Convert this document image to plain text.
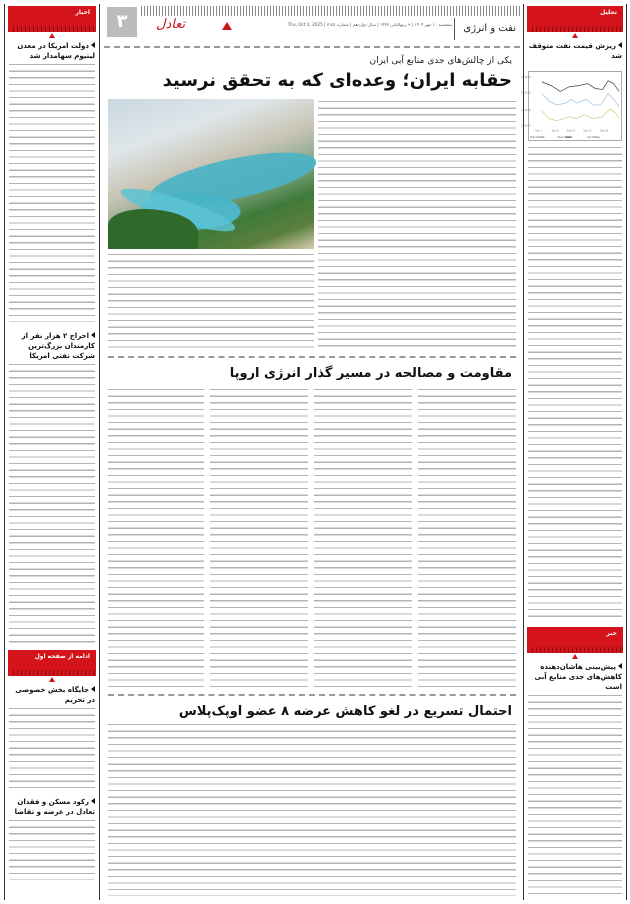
۳	تعادل	پنجشنبه ۱۰ مهر ۱۴۰۴ | ۹ ربیع‌الثانی ۱۴۴۷ | سال دوازدهم | شماره ۳۱۵۱ | Thu, Oct 2, 2025	نفت و انرژی
اخبار
دولت امریکا در معدن لیتیوم سهامدار شد
اخراج ۲ هزار نفر از کارمندان بزرگ‌ترین شرکت نفتی امریکا
ادامه از صفحه اول
جایگاه بخش خصوصی در تحریم
رکود مسکن و فقدان تعادل در عرضه و تقاضا
یکی از چالش‌های جدی منابع آبی ایران
حقابه ایران؛ وعده‌ای که به تحقق نرسید
مقاومت و مصالحه در مسیر گذار انرژی اروپا
احتمال تسریع در لغو کاهش عرضه ۸ عضو اوپک‌پلاس
تحلیل
ریزش قیمت نفت متوقف شد
270.00
260.00
250.00
240.00
1 Sep	8 Sep	15 Sep	22 Sep	29 Sep
Brent Crude	Opec Basket	Iran Heavy
خبر
پیش‌بینی هاشان‌دهنده کاهش‌های جدی منابع آبی است
